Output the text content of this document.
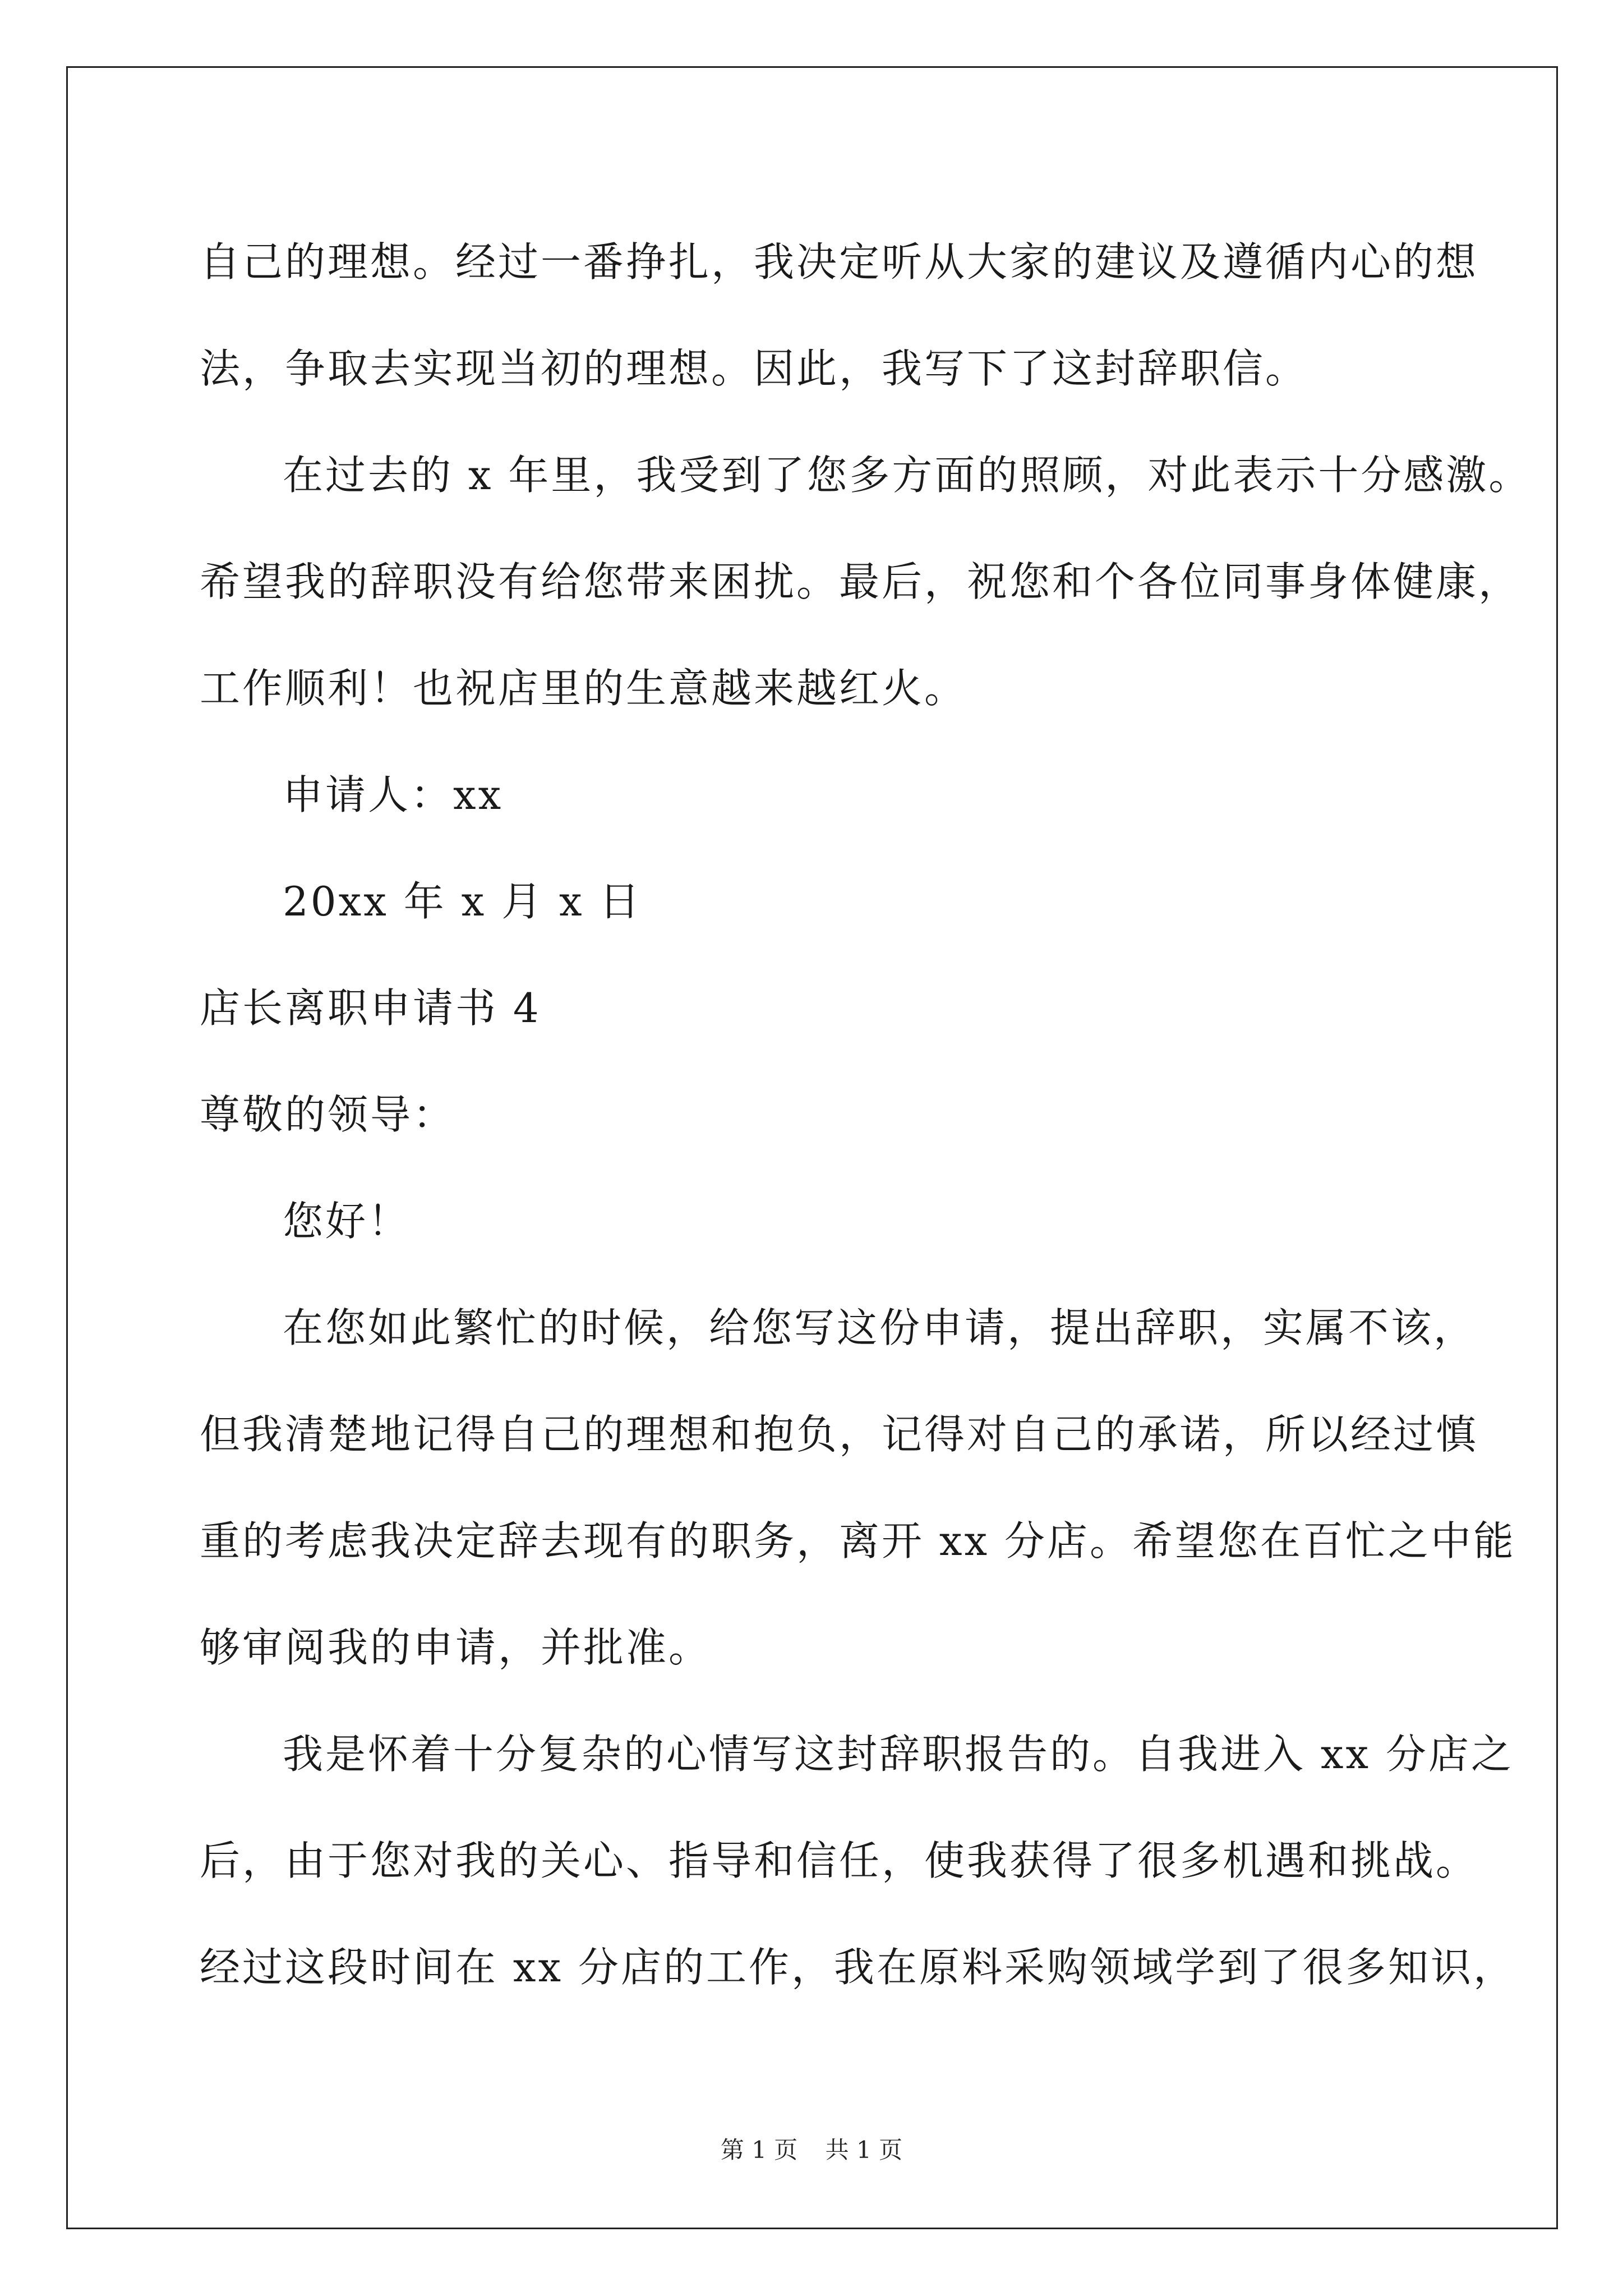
自己的理想。经过一番挣扎，我决定听从大家的建议及遵循内心的想
法，争取去实现当初的理想。因此，我写下了这封辞职信。
在过去的 x 年里，我受到了您多方面的照顾，对此表示十分感激。
希望我的辞职没有给您带来困扰。最后，祝您和个各位同事身体健康，
工作顺利！也祝店里的生意越来越红火。
申请人：xx
20xx 年 x 月 x 日
店长离职申请书 4
尊敬的领导：
您好！
在您如此繁忙的时候，给您写这份申请，提出辞职，实属不该，
但我清楚地记得自己的理想和抱负，记得对自己的承诺，所以经过慎
重的考虑我决定辞去现有的职务，离开 xx 分店。希望您在百忙之中能
够审阅我的申请，并批准。
我是怀着十分复杂的心情写这封辞职报告的。自我进入 xx 分店之
后，由于您对我的关心、指导和信任，使我获得了很多机遇和挑战。
经过这段时间在 xx 分店的工作，我在原料采购领域学到了很多知识，
第 1 页 共 1 页
